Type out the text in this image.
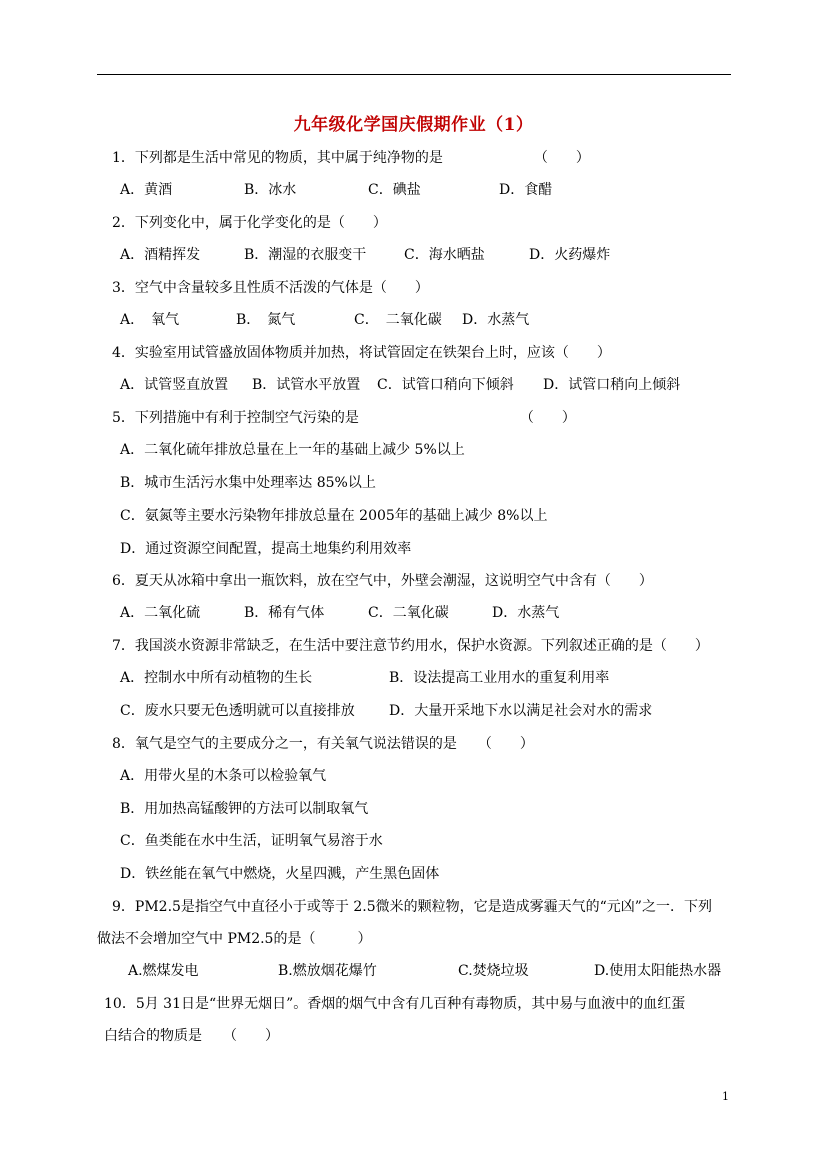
九年级化学国庆假期作业（1）
1．下列都是生活中常见的物质，其中属于纯净物的是　　　　　　　（　　）
A．黄酒	B．冰水	C．碘盐	D．食醋
2．下列变化中，属于化学变化的是（　　）
A．酒精挥发	B．潮湿的衣服变干	C．海水晒盐	D．火药爆炸
3．空气中含量较多且性质不活泼的气体是（　　）
A．　氧气	B．　氮气	C．　二氧化碳 D．水蒸气
4．实验室用试管盛放固体物质并加热，将试管固定在铁架台上时，应该（　　）
A．试管竖直放置 B．试管水平放置 C．试管口稍向下倾斜 D．试管口稍向上倾斜
5．下列措施中有利于控制空气污染的是　　　　　　　　　　　　（　　）
A．二氧化硫年排放总量在上一年的基础上减少 5%以上
B．城市生活污水集中处理率达 85%以上
C．氨氮等主要水污染物年排放总量在 2005年的基础上减少 8%以上
D．通过资源空间配置，提高土地集约利用效率
6．夏天从冰箱中拿出一瓶饮料，放在空气中，外壁会潮湿，这说明空气中含有（　　）
A．二氧化硫	B．稀有气体	C．二氧化碳	D．水蒸气
7．我国淡水资源非常缺乏，在生活中要注意节约用水，保护水资源。下列叙述正确的是（　　）
A．控制水中所有动植物的生长	B．设法提高工业用水的重复利用率
C．废水只要无色透明就可以直接排放 D．大量开采地下水以满足社会对水的需求
8．氧气是空气的主要成分之一，有关氧气说法错误的是　　（　　）
A．用带火星的木条可以检验氧气
B．用加热高锰酸钾的方法可以制取氧气
C．鱼类能在水中生活，证明氧气易溶于水
D．铁丝能在氧气中燃烧，火星四溅，产生黑色固体
9．PM2.5是指空气中直径小于或等于 2.5微米的颗粒物，它是造成雾霾天气的“元凶”之一．下列
做法不会增加空气中 PM2.5的是（　　　）
A.燃煤发电	B.燃放烟花爆竹	C.焚烧垃圾	D.使用太阳能热水器
10．5月 31日是“世界无烟日”。香烟的烟气中含有几百种有毒物质，其中易与血液中的血红蛋
白结合的物质是　　（　　）
1
